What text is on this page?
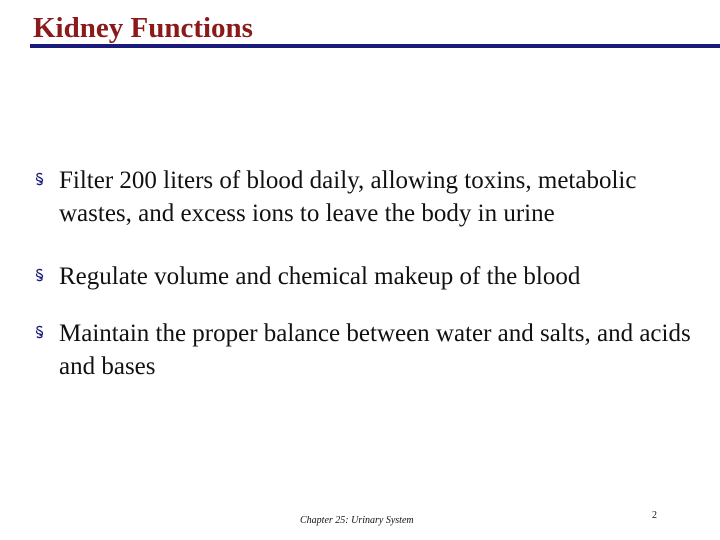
Kidney Functions
Filter 200 liters of blood daily, allowing toxins, metabolic wastes, and excess ions to leave the body in urine
Regulate volume and chemical makeup of the blood
Maintain the proper balance between water and salts, and acids and bases
Chapter 25: Urinary System	2
